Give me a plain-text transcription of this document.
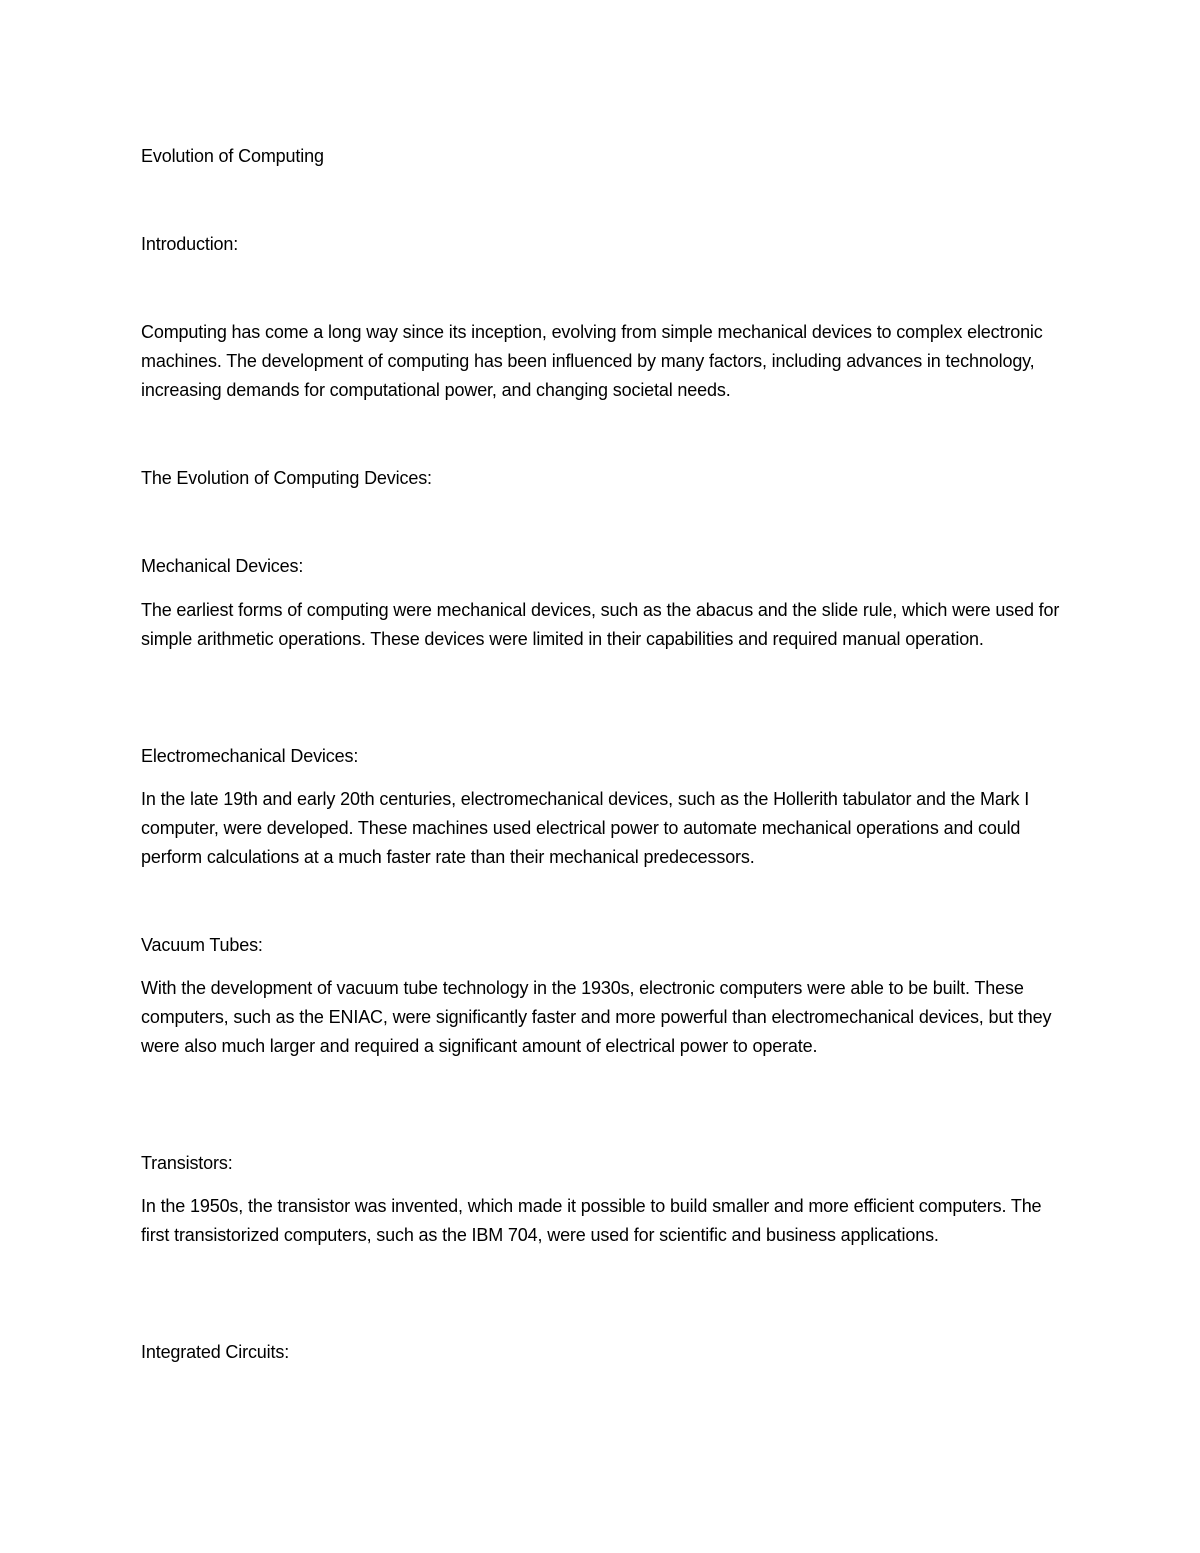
Evolution of Computing

Introduction:

Computing has come a long way since its inception, evolving from simple mechanical devices to complex electronic machines. The development of computing has been influenced by many factors, including advances in technology, increasing demands for computational power, and changing societal needs.

The Evolution of Computing Devices:

Mechanical Devices:

The earliest forms of computing were mechanical devices, such as the abacus and the slide rule, which were used for simple arithmetic operations. These devices were limited in their capabilities and required manual operation.

Electromechanical Devices:

In the late 19th and early 20th centuries, electromechanical devices, such as the Hollerith tabulator and the Mark I computer, were developed. These machines used electrical power to automate mechanical operations and could perform calculations at a much faster rate than their mechanical predecessors.

Vacuum Tubes:

With the development of vacuum tube technology in the 1930s, electronic computers were able to be built. These computers, such as the ENIAC, were significantly faster and more powerful than electromechanical devices, but they were also much larger and required a significant amount of electrical power to operate.

Transistors:

In the 1950s, the transistor was invented, which made it possible to build smaller and more efficient computers. The first transistorized computers, such as the IBM 704, were used for scientific and business applications.

Integrated Circuits:
